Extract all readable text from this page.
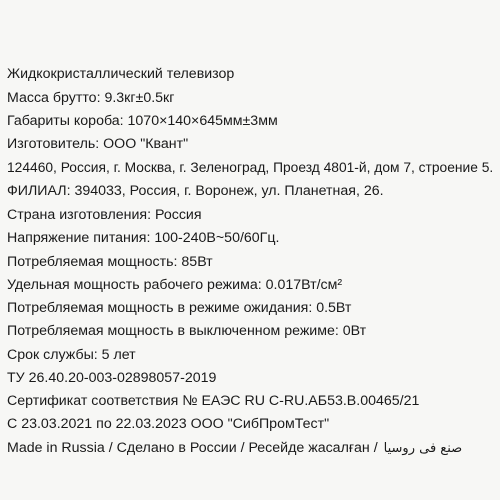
Жидкокристаллический телевизор
Масса брутто: 9.3кг±0.5кг
Габариты короба: 1070×140×645мм±3мм
Изготовитель: ООО "Квант"
124460, Россия, г. Москва, г. Зеленоград, Проезд 4801-й, дом 7, строение 5.
ФИЛИАЛ: 394033, Россия, г. Воронеж, ул. Планетная, 26.
Страна изготовления: Россия
Напряжение питания: 100-240В~50/60Гц.
Потребляемая мощность: 85Вт
Удельная мощность рабочего режима: 0.017Вт/см²
Потребляемая мощность в режиме ожидания: 0.5Вт
Потребляемая мощность в выключенном режиме: 0Вт
Срок службы: 5 лет
ТУ 26.40.20-003-02898057-2019
Сертификат соответствия № ЕАЭС RU C-RU.АБ53.В.00465/21
С 23.03.2021 по 22.03.2023 ООО "СибПромТест"
Made in Russia / Сделано в России / Ресейде жасалған / صنع فى روسيا
